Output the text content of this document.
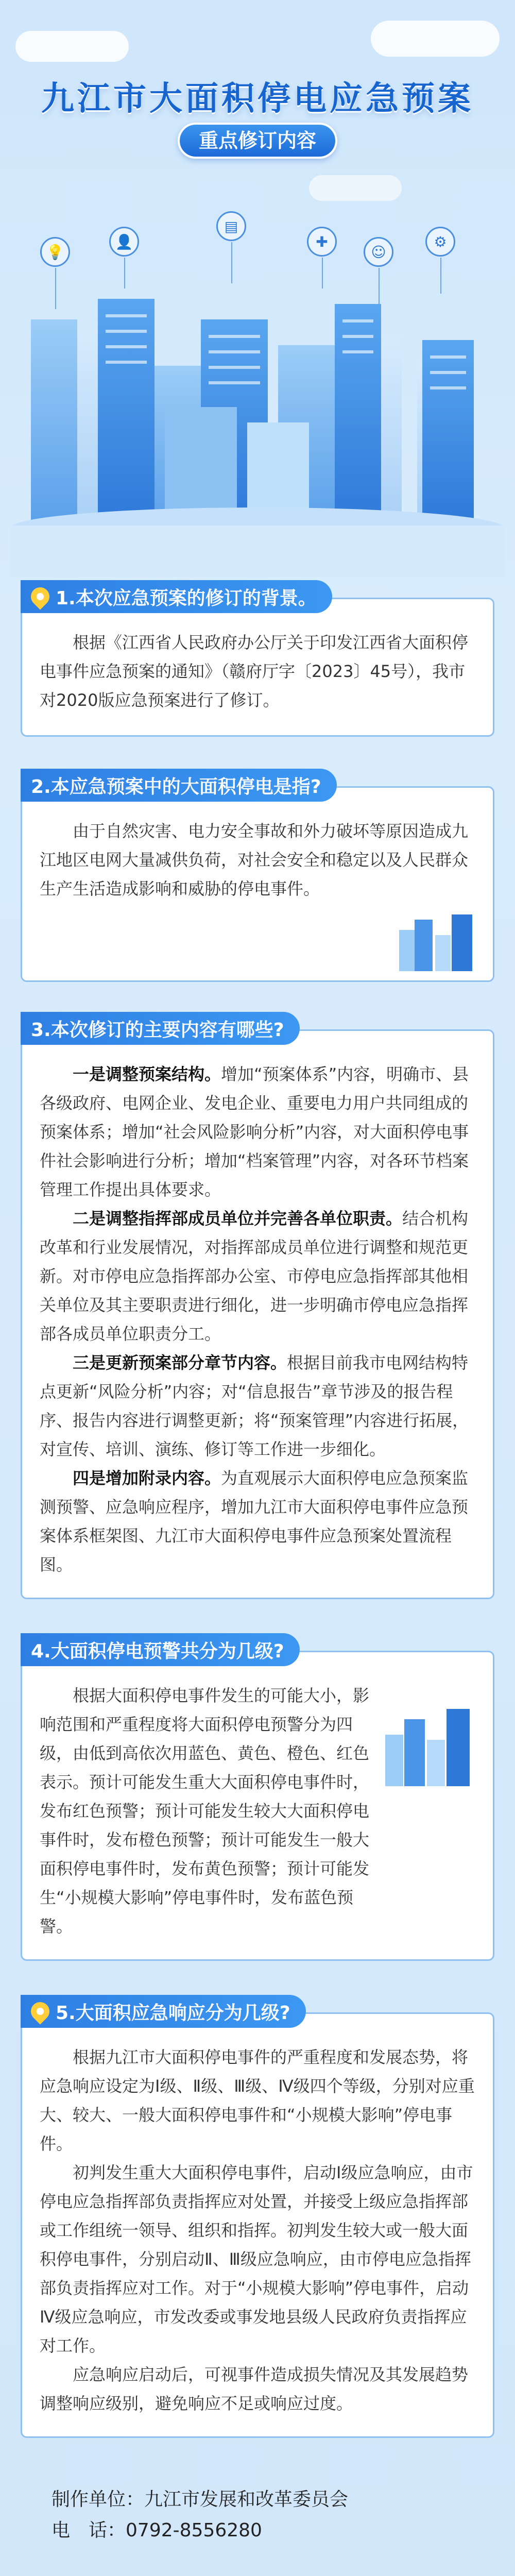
九江市大面积停电应急预案
重点修订内容
💡
👤
▤
✚
☺
⚙
1.本次应急预案的修订的背景。

根据《江西省人民政府办公厅关于印发江西省大面积停电事件应急预案的通知》（赣府厅字〔2023〕45号），我市对2020版应急预案进行了修订。

2.本应急预案中的大面积停电是指?

由于自然灾害、电力安全事故和外力破坏等原因造成九江地区电网大量减供负荷，对社会安全和稳定以及人民群众生产生活造成影响和威胁的停电事件。

3.本次修订的主要内容有哪些?

一是调整预案结构。增加“预案体系”内容，明确市、县各级政府、电网企业、发电企业、重要电力用户共同组成的预案体系；增加“社会风险影响分析”内容，对大面积停电事件社会影响进行分析；增加“档案管理”内容，对各环节档案管理工作提出具体要求。

二是调整指挥部成员单位并完善各单位职责。结合机构改革和行业发展情况，对指挥部成员单位进行调整和规范更新。对市停电应急指挥部办公室、市停电应急指挥部其他相关单位及其主要职责进行细化，进一步明确市停电应急指挥部各成员单位职责分工。

三是更新预案部分章节内容。根据目前我市电网结构特点更新“风险分析”内容；对“信息报告”章节涉及的报告程序、报告内容进行调整更新；将“预案管理”内容进行拓展，对宣传、培训、演练、修订等工作进一步细化。

四是增加附录内容。为直观展示大面积停电应急预案监测预警、应急响应程序，增加九江市大面积停电事件应急预案体系框架图、九江市大面积停电事件应急预案处置流程图。

4.大面积停电预警共分为几级?

根据大面积停电事件发生的可能大小，影响范围和严重程度将大面积停电预警分为四级，由低到高依次用蓝色、黄色、橙色、红色表示。预计可能发生重大大面积停电事件时，发布红色预警；预计可能发生较大大面积停电事件时，发布橙色预警；预计可能发生一般大面积停电事件时，发布黄色预警；预计可能发生“小规模大影响”停电事件时，发布蓝色预警。

5.大面积应急响应分为几级?

根据九江市大面积停电事件的严重程度和发展态势，将应急响应设定为Ⅰ级、Ⅱ级、Ⅲ级、Ⅳ级四个等级，分别对应重大、较大、一般大面积停电事件和“小规模大影响”停电事件。

初判发生重大大面积停电事件，启动Ⅰ级应急响应，由市停电应急指挥部负责指挥应对处置，并接受上级应急指挥部或工作组统一领导、组织和指挥。初判发生较大或一般大面积停电事件，分别启动Ⅱ、Ⅲ级应急响应，由市停电应急指挥部负责指挥应对工作。对于“小规模大影响”停电事件，启动Ⅳ级应急响应，市发改委或事发地县级人民政府负责指挥应对工作。

应急响应启动后，可视事件造成损失情况及其发展趋势调整响应级别，避免响应不足或响应过度。

制作单位：九江市发展和改革委员会
电　话：0792-8556280
